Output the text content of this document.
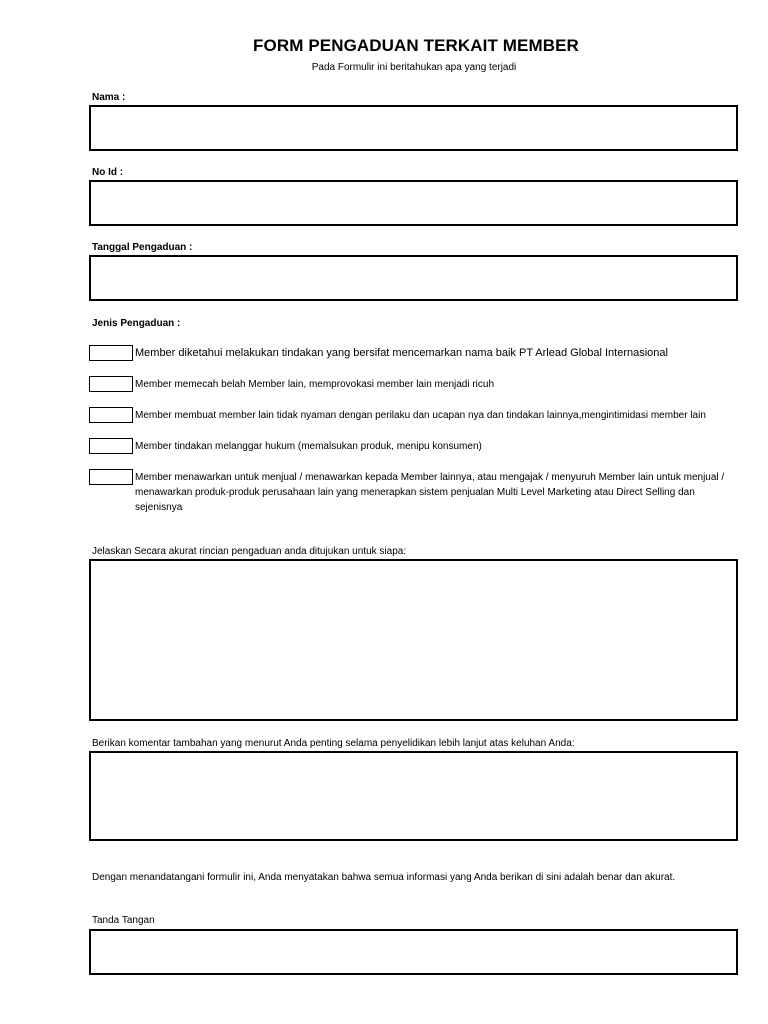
FORM PENGADUAN TERKAIT MEMBER
Pada Formulir ini beritahukan apa yang terjadi
Nama :
No Id :
Tanggal Pengaduan :
Jenis Pengaduan :
Member diketahui melakukan tindakan yang bersifat mencemarkan nama baik PT Arlead Global Internasional
Member memecah belah Member lain, memprovokasi member lain menjadi ricuh
Member membuat member lain tidak nyaman dengan perilaku dan ucapan nya dan tindakan lainnya,mengintimidasi member lain
Member tindakan melanggar hukum (memalsukan produk, menipu konsumen)
Member menawarkan untuk menjual / menawarkan kepada Member lainnya, atau mengajak / menyuruh Member lain untuk menjual / menawarkan produk-produk perusahaan lain yang menerapkan sistem penjualan Multi Level Marketing atau Direct Selling dan sejenisnya
Jelaskan Secara akurat rincian pengaduan anda ditujukan untuk siapa:
Berikan komentar tambahan yang menurut Anda penting selama penyelidikan lebih lanjut atas keluhan Anda:
Dengan menandatangani formulir ini, Anda menyatakan bahwa semua informasi yang Anda berikan di sini adalah benar dan akurat.
Tanda Tangan
